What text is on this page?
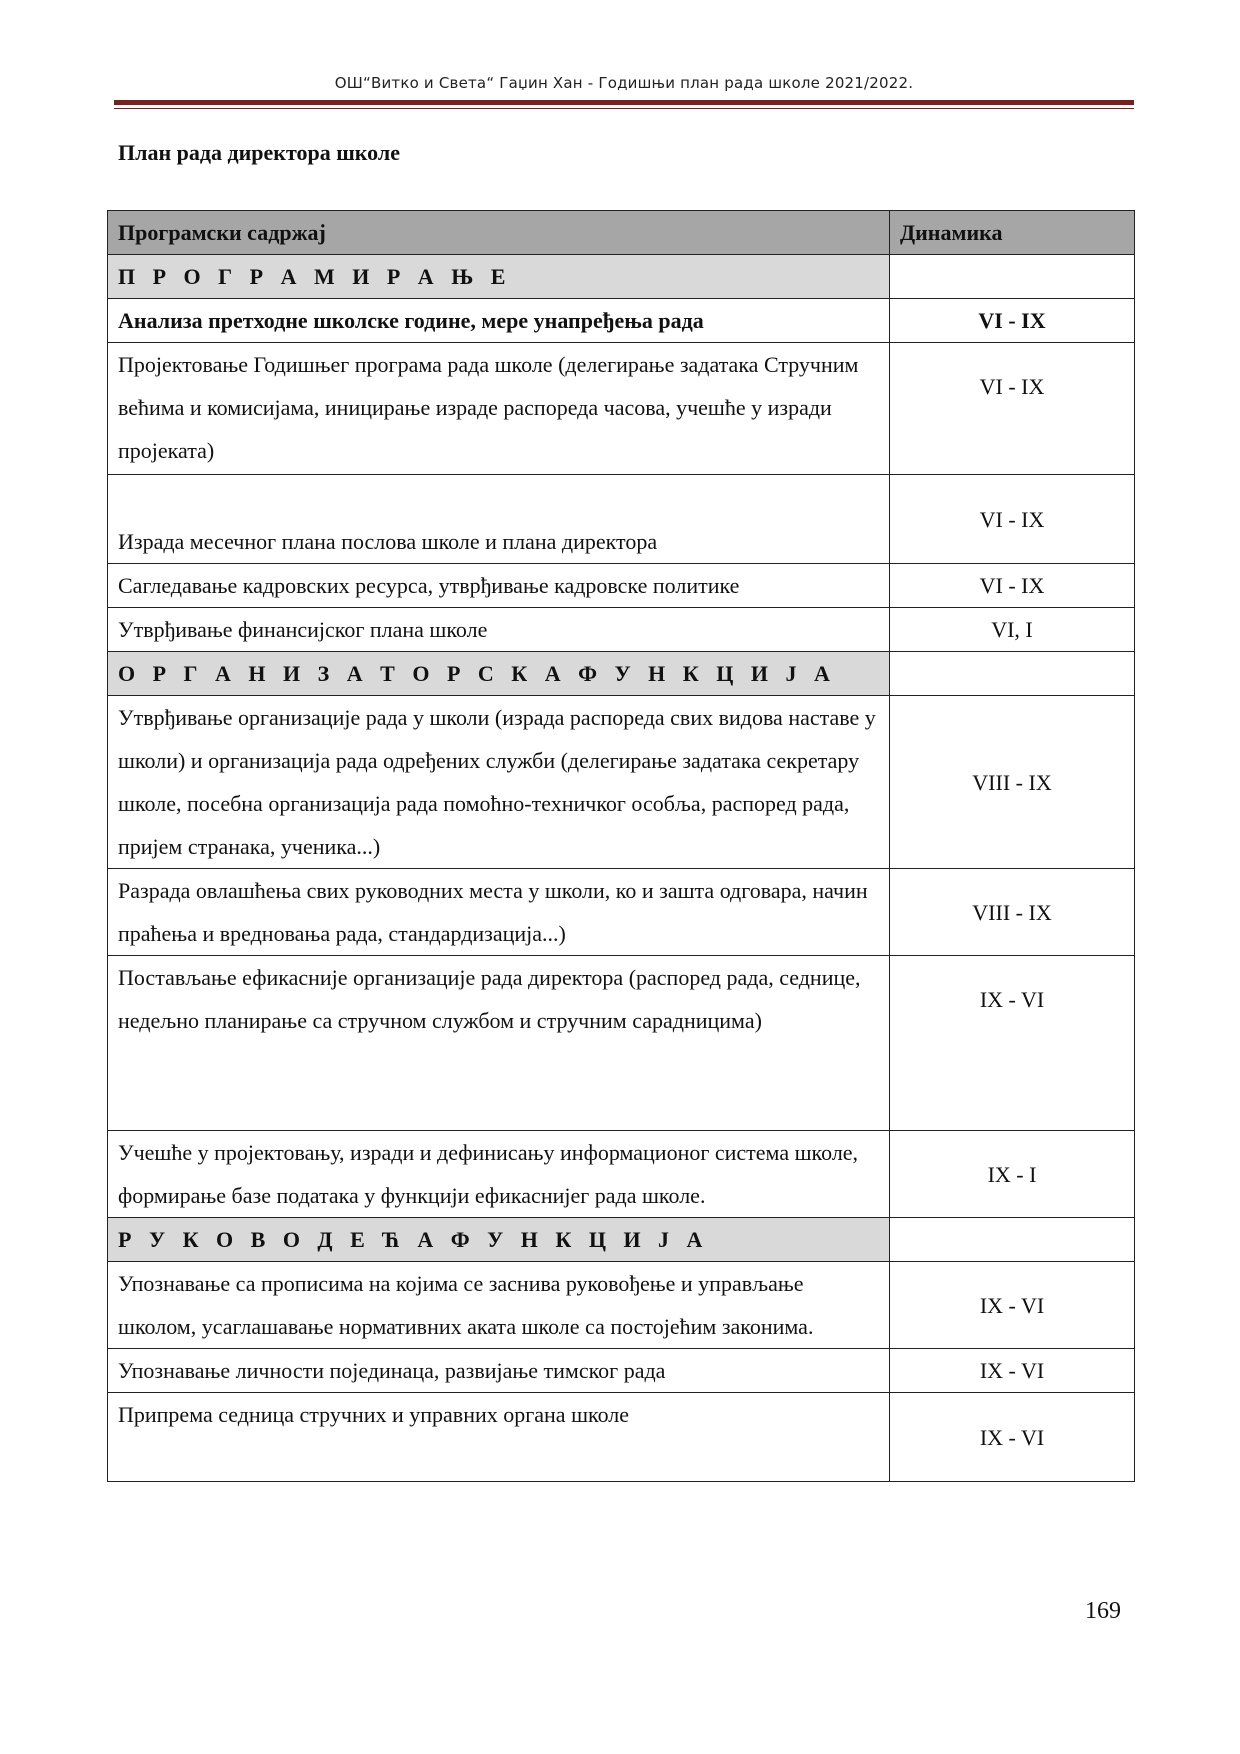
ОШ“Витко и Света“ Гаџин Хан - Годишњи план рада школе 2021/2022.
План рада директора школе
Програмски садржај	Динамика
П Р О Г Р А М И Р А Њ Е	
Анализа претходне школске године, мере унапређења рада	VI - IX
Пројектовање Годишњег програма рада школе (делегирање задатака Стручним већима и комисијама, иницирање израде распореда часова, учешће у изради пројеката)	VI - IX
Израда месечног плана послова школе и плана директора	VI - IX
Сагледавање кадровских ресурса, утврђивање кадровске политике	VI - IX
Утврђивање финансијског плана школе	VI, I
О Р Г А Н И З А Т О Р С К А Ф У Н К Ц И Ј А	
Утврђивање организације рада у школи (израда распореда свих видова наставе у школи) и организација рада одређених служби (делегирање задатака секретару школе, посебна организација рада помоћно-техничког особља, распоред рада, пријем странака, ученика...)	VIII - IX
Разрада овлашћења свих руководних места у школи, ко и зашта одговара, начин праћења и вредновања рада, стандардизација...)	VIII - IX
Постављање ефикасније организације рада директора (распоред рада, седнице, недељно планирање са стручном службом и стручним сарадницима)	IX - VI
Учешће у пројектовању, изради и дефинисању информационог система школе, формирање базе података у функцији ефикаснијег рада школе.	IX - I
Р У К О В О Д Е Ћ А Ф У Н К Ц И Ј А	
Упознавање са прописима на којима се заснива руковођење и управљање школом, усаглашавање нормативних аката школе са постојећим законима.	IX - VI
Упознавање личности појединаца, развијање тимског рада	IX - VI
Припрема седница стручних и управних органа школе	IX - VI
169
